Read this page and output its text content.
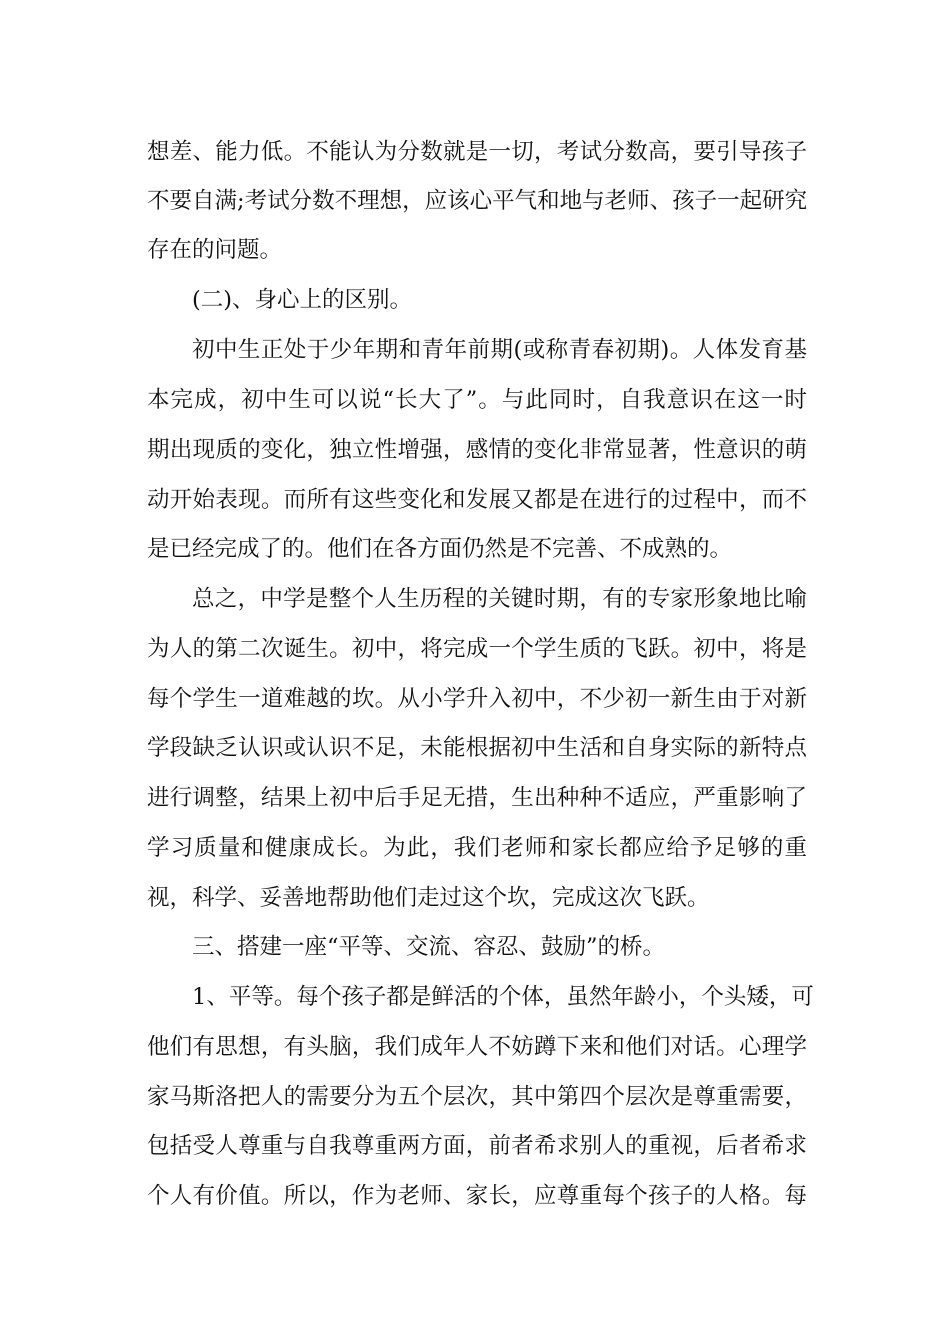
想差、能力低。不能认为分数就是一切，考试分数高，要引导孩子
不要自满;考试分数不理想，应该心平气和地与老师、孩子一起研究
存在的问题。
(二)、身心上的区别。
初中生正处于少年期和青年前期(或称青春初期)。人体发育基
本完成，初中生可以说“长大了”。与此同时，自我意识在这一时
期出现质的变化，独立性增强，感情的变化非常显著，性意识的萌
动开始表现。而所有这些变化和发展又都是在进行的过程中，而不
是已经完成了的。他们在各方面仍然是不完善、不成熟的。
总之，中学是整个人生历程的关键时期，有的专家形象地比喻
为人的第二次诞生。初中，将完成一个学生质的飞跃。初中，将是
每个学生一道难越的坎。从小学升入初中，不少初一新生由于对新
学段缺乏认识或认识不足，未能根据初中生活和自身实际的新特点
进行调整，结果上初中后手足无措，生出种种不适应，严重影响了
学习质量和健康成长。为此，我们老师和家长都应给予足够的重
视，科学、妥善地帮助他们走过这个坎，完成这次飞跃。
三、搭建一座“平等、交流、容忍、鼓励”的桥。
1、平等。每个孩子都是鲜活的个体，虽然年龄小，个头矮，可
他们有思想，有头脑，我们成年人不妨蹲下来和他们对话。心理学
家马斯洛把人的需要分为五个层次，其中第四个层次是尊重需要，
包括受人尊重与自我尊重两方面，前者希求别人的重视，后者希求
个人有价值。所以，作为老师、家长，应尊重每个孩子的人格。每
